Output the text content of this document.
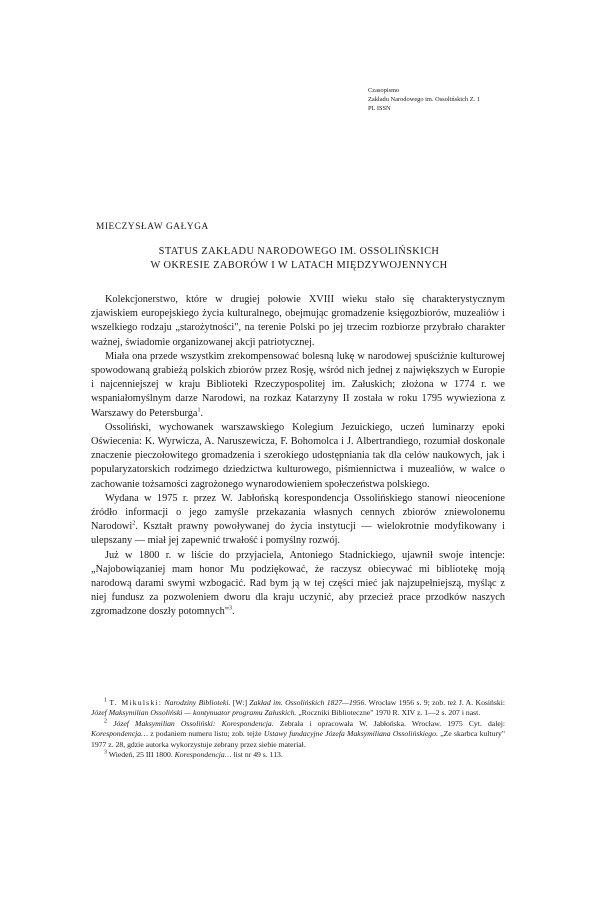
Czasopismo
Zakładu Narodowego im. Ossolińskich Z. 1
PL ISSN
MIECZYSŁAW GAŁYGA
STATUS ZAKŁADU NARODOWEGO IM. OSSOLIŃSKICH
W OKRESIE ZABORÓW I W LATACH MIĘDZYWOJENNYCH

Kolekcjonerstwo, które w drugiej połowie XVIII wieku stało się charakterystycznym zjawiskiem europejskiego życia kulturalnego, obejmując gromadzenie księgozbiorów, muzealiów i wszelkiego rodzaju „starożytności", na terenie Polski po jej trzecim rozbiorze przybrało charakter ważnej, świadomie organizowanej akcji patriotycznej.

Miała ona przede wszystkim zrekompensować bolesną lukę w narodowej spuściźnie kulturowej spowodowaną grabieżą polskich zbiorów przez Rosję, wśród nich jednej z największych w Europie i najcenniejszej w kraju Biblioteki Rzeczypospolitej im. Załuskich; złożona w 1774 r. we wspaniałomyślnym darze Narodowi, na rozkaz Katarzyny II została w roku 1795 wywieziona z Warszawy do Petersburga$^1$.

Ossoliński, wychowanek warszawskiego Kolegium Jezuickiego, uczeń luminarzy epoki Oświecenia: K. Wyrwicza, A. Naruszewicza, F. Bohomolca i J. Albertrandiego, rozumiał doskonale znaczenie pieczołowitego gromadzenia i szerokiego udostępniania tak dla celów naukowych, jak i popularyzatorskich rodzimego dziedzictwa kulturowego, piśmiennictwa i muzealiów, w walce o zachowanie tożsamości zagrożonego wynarodowieniem społeczeństwa polskiego.

Wydana w 1975 r. przez W. Jabłońską korespondencja Ossolińskiego stanowi nieocenione źródło informacji o jego zamyśle przekazania własnych cennych zbiorów zniewolonemu Narodowi$^2$. Kształt prawny powoływanej do życia instytucji — wielokrotnie modyfikowany i ulepszany — miał jej zapewnić trwałość i pomyślny rozwój.

Już w 1800 r. w liście do przyjaciela, Antoniego Stadnickiego, ujawnił swoje intencje: „Najobowiązaniej mam honor Mu podziękować, że raczysz obiecywać mi bibliotekę moją narodową darami swymi wzbogacić. Rad bym ją w tej części mieć jak najzupełniejszą, myśląc z niej fundusz za pozwoleniem dworu dla kraju uczynić, aby przecież prace przodków naszych zgromadzone doszły potomnych"$^3$.

$^1$ T. Mikulski: Narodziny Biblioteki. [W:] Zakład im. Ossolińskich 1827—1956. Wrocław 1956 s. 9; zob. też J. A. Kosiński: Józef Maksymilian Ossoliński — kontynuator programu Załuskich. „Roczniki Biblioteczne" 1970 R. XIV z. 1—2 s. 207 i nast.

$^2$ Józef Maksymilian Ossoliński: Korespondencja. Zebrała i opracowała W. Jabłońska. Wrocław. 1975 Cyt. dalej: Korespondencja… z podaniem numeru listu; zob. tejże Ustawy fundacyjne Józefa Maksymiliana Ossolińskiego. „Ze skarbca kultury" 1977 z. 28, gdzie autorka wykorzystuje zebrany przez siebie materiał.

$^3$ Wiedeń, 25 III 1800. Korespondencja… list nr 49 s. 113.
